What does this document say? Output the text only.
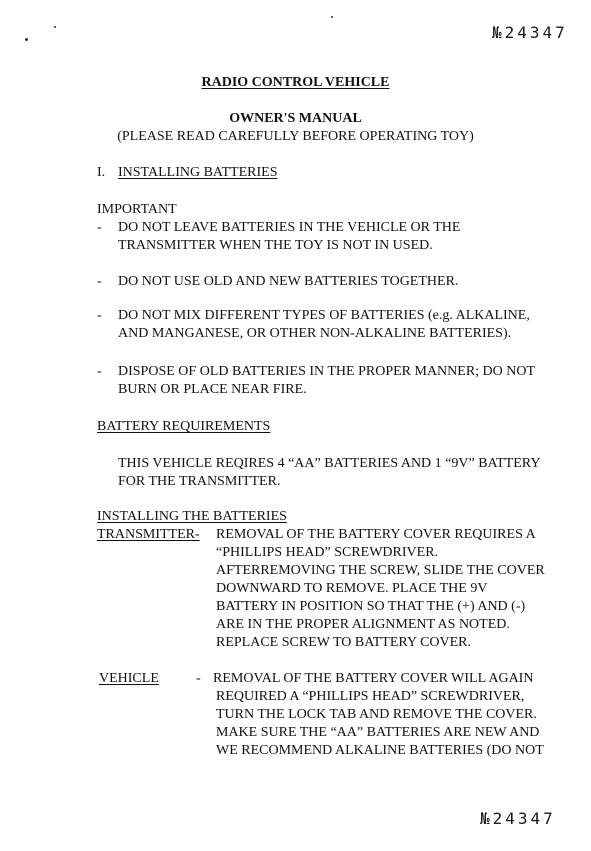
№24347
RADIO CONTROL VEHICLE
OWNER'S MANUAL
(PLEASE READ CAREFULLY BEFORE OPERATING TOY)
I. INSTALLING BATTERIES
IMPORTANT
- DO NOT LEAVE BATTERIES IN THE VEHICLE OR THE
TRANSMITTER WHEN THE TOY IS NOT IN USED.
- DO NOT USE OLD AND NEW BATTERIES TOGETHER.
- DO NOT MIX DIFFERENT TYPES OF BATTERIES (e.g. ALKALINE,
AND MANGANESE, OR OTHER NON-ALKALINE BATTERIES).
- DISPOSE OF OLD BATTERIES IN THE PROPER MANNER; DO NOT
BURN OR PLACE NEAR FIRE.
BATTERY REQUIREMENTS
THIS VEHICLE REQIRES 4 “AA” BATTERIES AND 1 “9V” BATTERY
FOR THE TRANSMITTER.
INSTALLING THE BATTERIES
TRANSMITTER- REMOVAL OF THE BATTERY COVER REQUIRES A
“PHILLIPS HEAD” SCREWDRIVER.
AFTERREMOVING THE SCREW, SLIDE THE COVER
DOWNWARD TO REMOVE. PLACE THE 9V
BATTERY IN POSITION SO THAT THE (+) AND (-)
ARE IN THE PROPER ALIGNMENT AS NOTED.
REPLACE SCREW TO BATTERY COVER.
VEHICLE	- REMOVAL OF THE BATTERY COVER WILL AGAIN
REQUIRED A “PHILLIPS HEAD” SCREWDRIVER,
TURN THE LOCK TAB AND REMOVE THE COVER.
MAKE SURE THE “AA” BATTERIES ARE NEW AND
WE RECOMMEND ALKALINE BATTERIES (DO NOT
№24347
